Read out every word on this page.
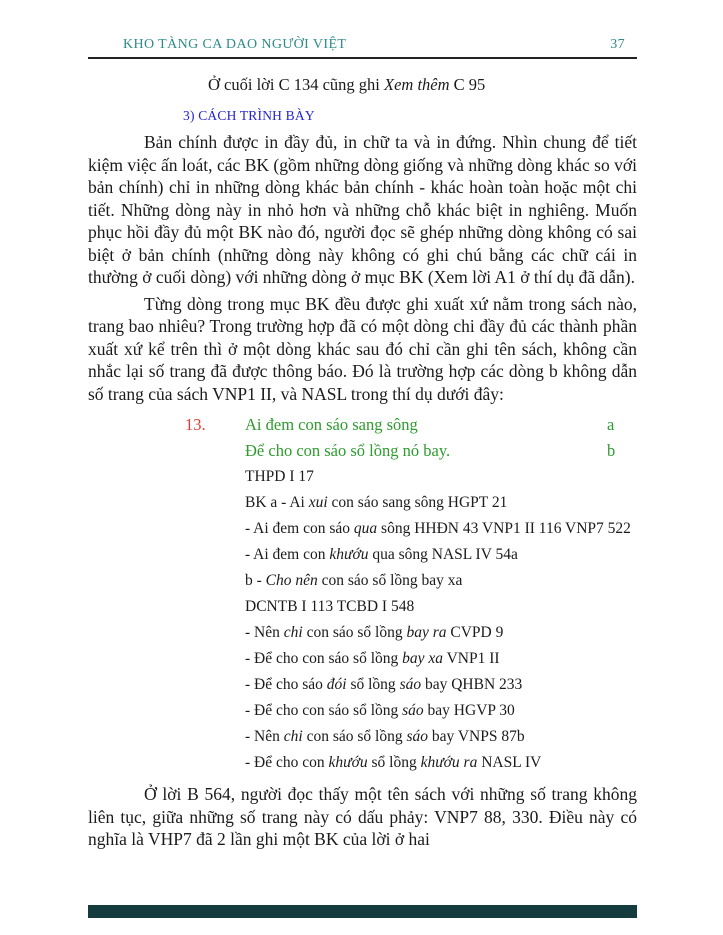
KHO TÀNG CA DAO NGƯỜI VIỆT	37

Ở cuối lời C 134 cũng ghi Xem thêm C 95

3) CÁCH TRÌNH BÀY

Bản chính được in đầy đủ, in chữ ta và in đứng. Nhìn chung để tiết kiệm việc ấn loát, các BK (gồm những dòng giống và những dòng khác so với bản chính) chỉ in những dòng khác bản chính - khác hoàn toàn hoặc một chi tiết. Những dòng này in nhỏ hơn và những chỗ khác biệt in nghiêng. Muốn phục hồi đầy đủ một BK nào đó, người đọc sẽ ghép những dòng không có sai biệt ở bản chính (những dòng này không có ghi chú bằng các chữ cái in thường ở cuối dòng) với những dòng ở mục BK (Xem lời A1 ở thí dụ đã dẫn).

Từng dòng trong mục BK đều được ghi xuất xứ nằm trong sách nào, trang bao nhiêu? Trong trường hợp đã có một dòng chi đầy đủ các thành phần xuất xứ kể trên thì ở một dòng khác sau đó chỉ cần ghi tên sách, không cần nhắc lại số trang đã được thông báo. Đó là trường hợp các dòng b không dẫn số trang của sách VNP1 II, và NASL trong thí dụ dưới đây:

13.	Ai đem con sáo sang sông	a
Để cho con sáo sổ lồng nó bay.	b
THPD I 17
BK a - Ai xui con sáo sang sông HGPT 21
- Ai đem con sáo qua sông HHĐN 43 VNP1 II 116 VNP7 522
- Ai đem con khướu qua sông NASL IV 54a
b - Cho nên con sáo sổ lồng bay xa
DCNTB I 113 TCBD I 548
- Nên chi con sáo sổ lồng bay ra CVPD 9
- Để cho con sáo sổ lồng bay xa VNP1 II
- Để cho sáo đói sổ lồng sáo bay QHBN 233
- Để cho con sáo sổ lồng sáo bay HGVP 30
- Nên chi con sáo sổ lồng sáo bay VNPS 87b
- Để cho con khướu sổ lồng khướu ra NASL IV

Ở lời B 564, người đọc thấy một tên sách với những số trang không liên tục, giữa những số trang này có dấu phảy: VNP7 88, 330. Điều này có nghĩa là VHP7 đã 2 lần ghi một BK của lời ở hai
